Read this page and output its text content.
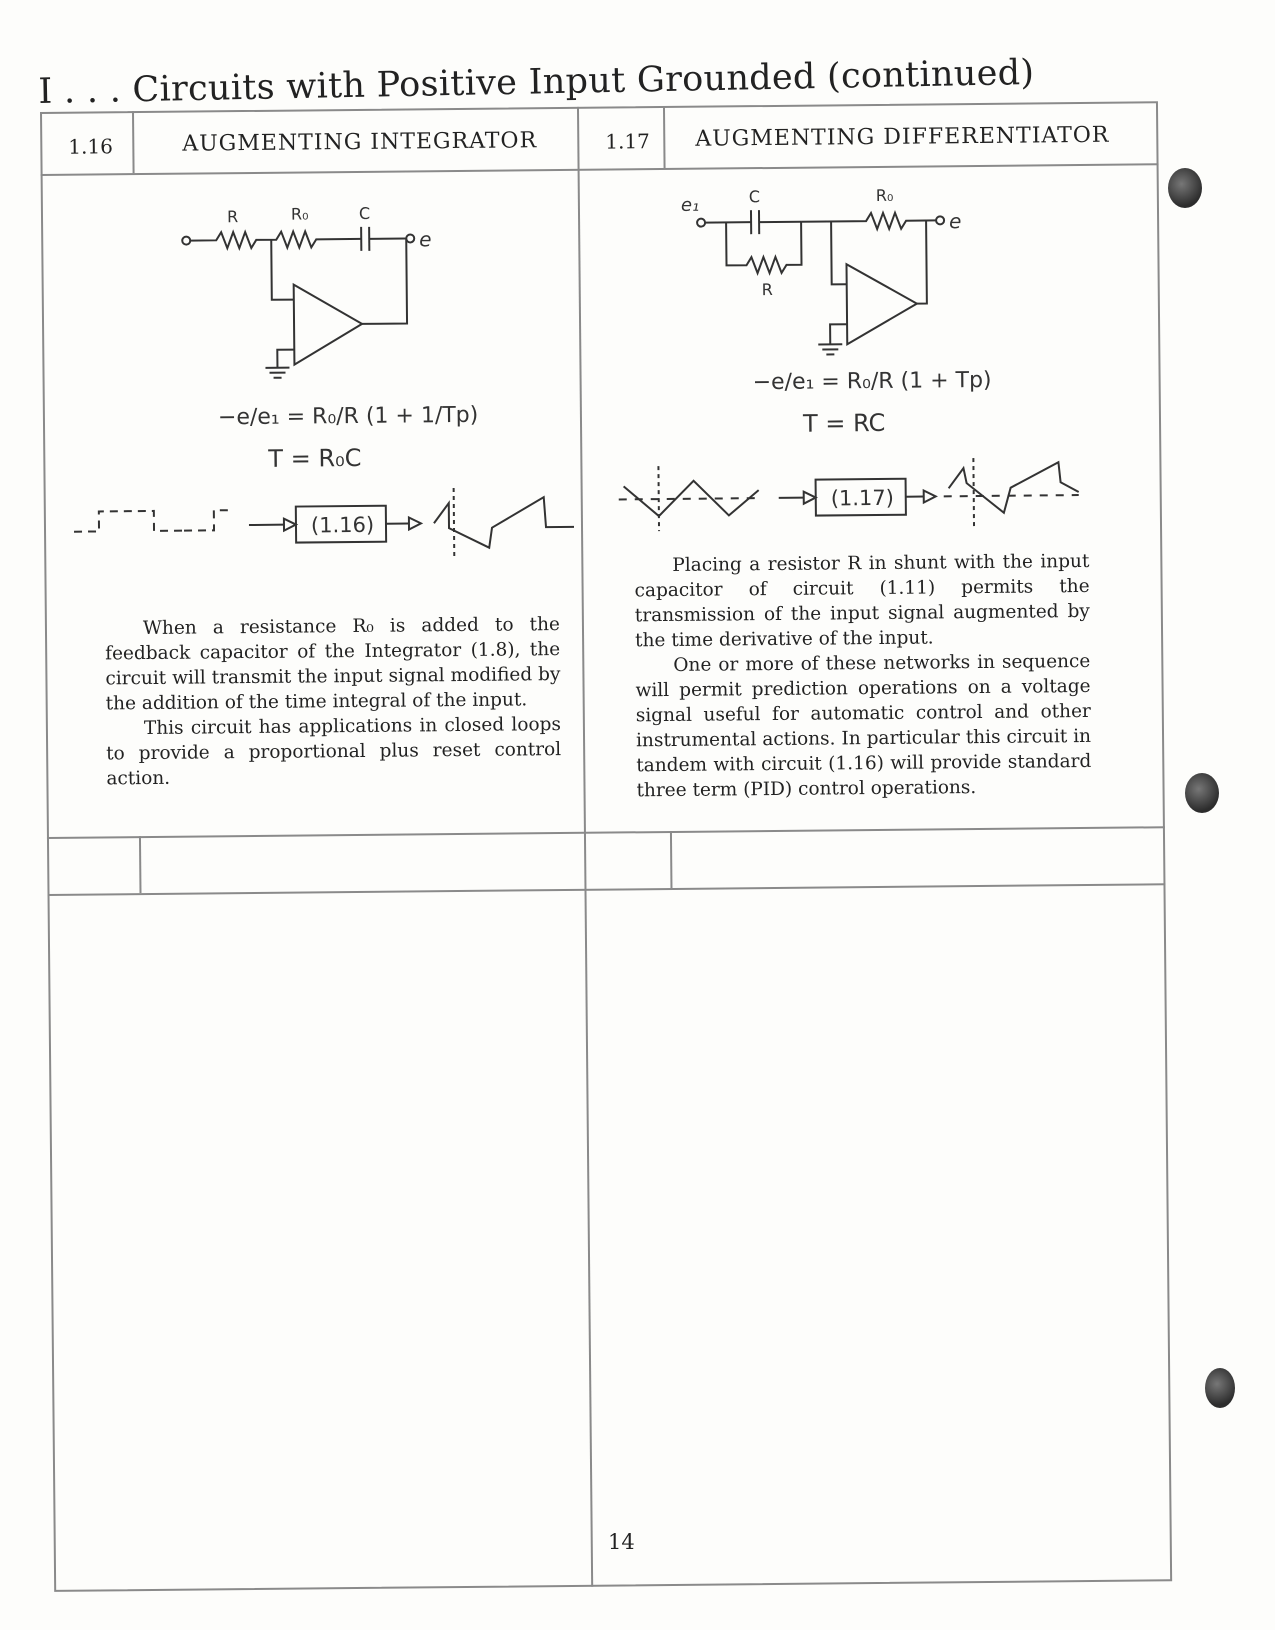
I . . . Circuits with Positive Input Grounded (continued)
1.16	AUGMENTING INTEGRATOR
R	R₀	C
e
−e/e₁ = R₀/R (1 + 1/Tp)
T = R₀C
(1.16)

When a resistance R₀ is added to the feedback capacitor of the Integrator (1.8), the circuit will transmit the input signal modified by the addition of the time integral of the input.

This circuit has applications in closed loops to provide a proportional plus reset control action.

1.17 AUGMENTING DIFFERENTIATOR
e₁	C	R₀
R
e
−e/e₁ = R₀/R (1 + Tp)
T = RC
(1.17)

Placing a resistor R in shunt with the input capacitor of circuit (1.11) permits the transmission of the input signal augmented by the time derivative of the input.

One or more of these networks in sequence will permit prediction operations on a voltage signal useful for automatic control and other instrumental actions. In particular this circuit in tandem with circuit (1.16) will provide standard three term (PID) control operations.

14
